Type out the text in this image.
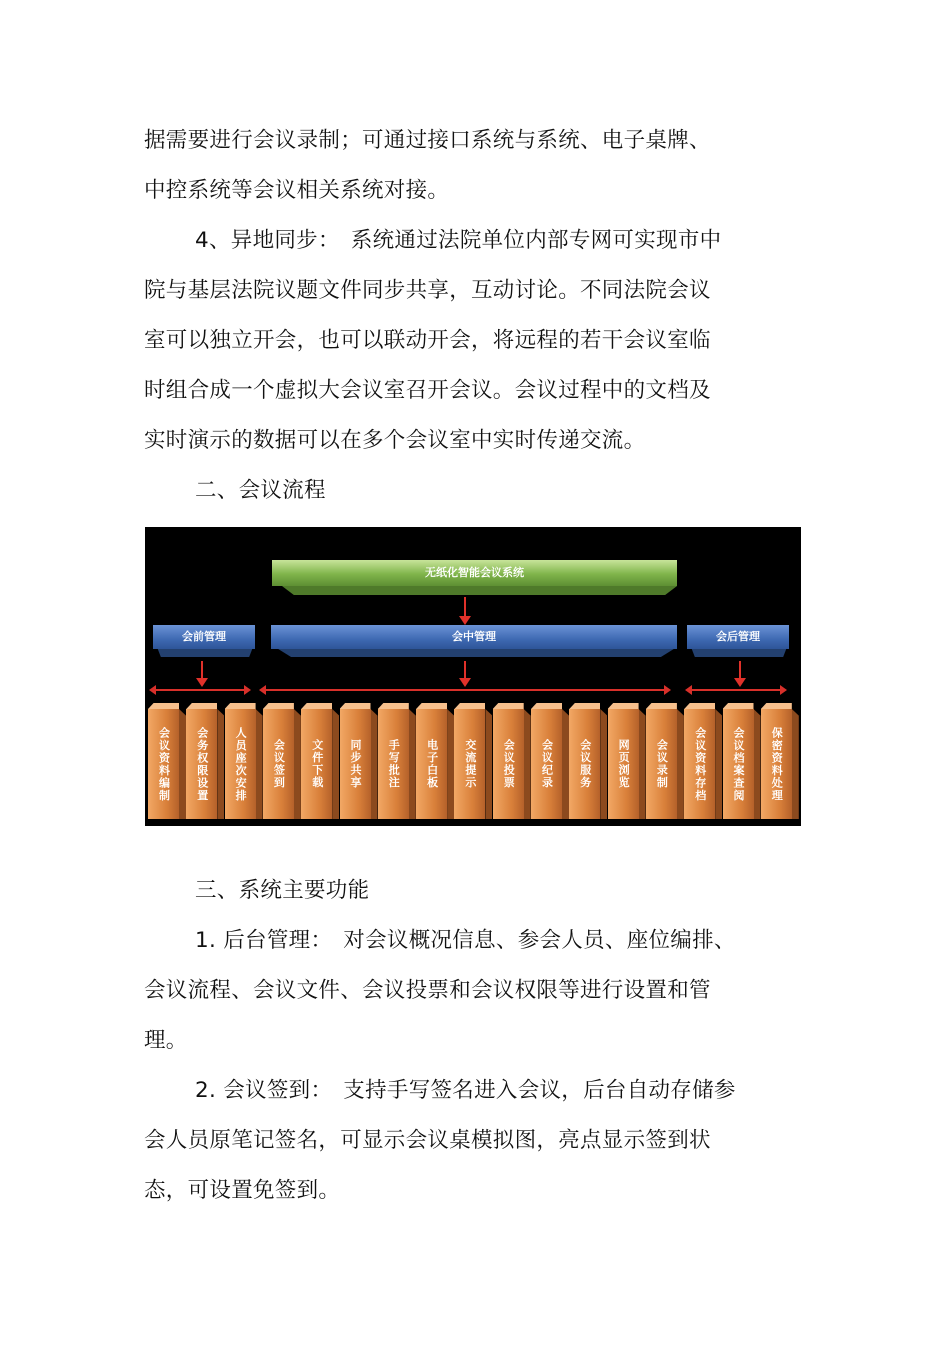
据需要进行会议录制；可通过接口系统与系统、电子桌牌、
中控系统等会议相关系统对接。
4、异地同步：　系统通过法院单位内部专网可实现市中
院与基层法院议题文件同步共享，互动讨论。不同法院会议
室可以独立开会，也可以联动开会，将远程的若干会议室临
时组合成一个虚拟大会议室召开会议。会议过程中的文档及
实时演示的数据可以在多个会议室中实时传递交流。
二、会议流程
无纸化智能会议系统
会前管理	会中管理	会后管理
会议资料编制 会务权限设置 人员座次安排 会议签到 文件下载 同步共享 手写批注 电子白板 交流提示 会议投票 会议纪录 会议服务 网页浏览 会议录制 会议资料存档 会议档案查阅 保密资料处理
三、系统主要功能
1. 后台管理：　对会议概况信息、参会人员、座位编排、
会议流程、会议文件、会议投票和会议权限等进行设置和管
理。
2. 会议签到：　支持手写签名进入会议，后台自动存储参
会人员原笔记签名，可显示会议桌模拟图，亮点显示签到状
态，可设置免签到。
